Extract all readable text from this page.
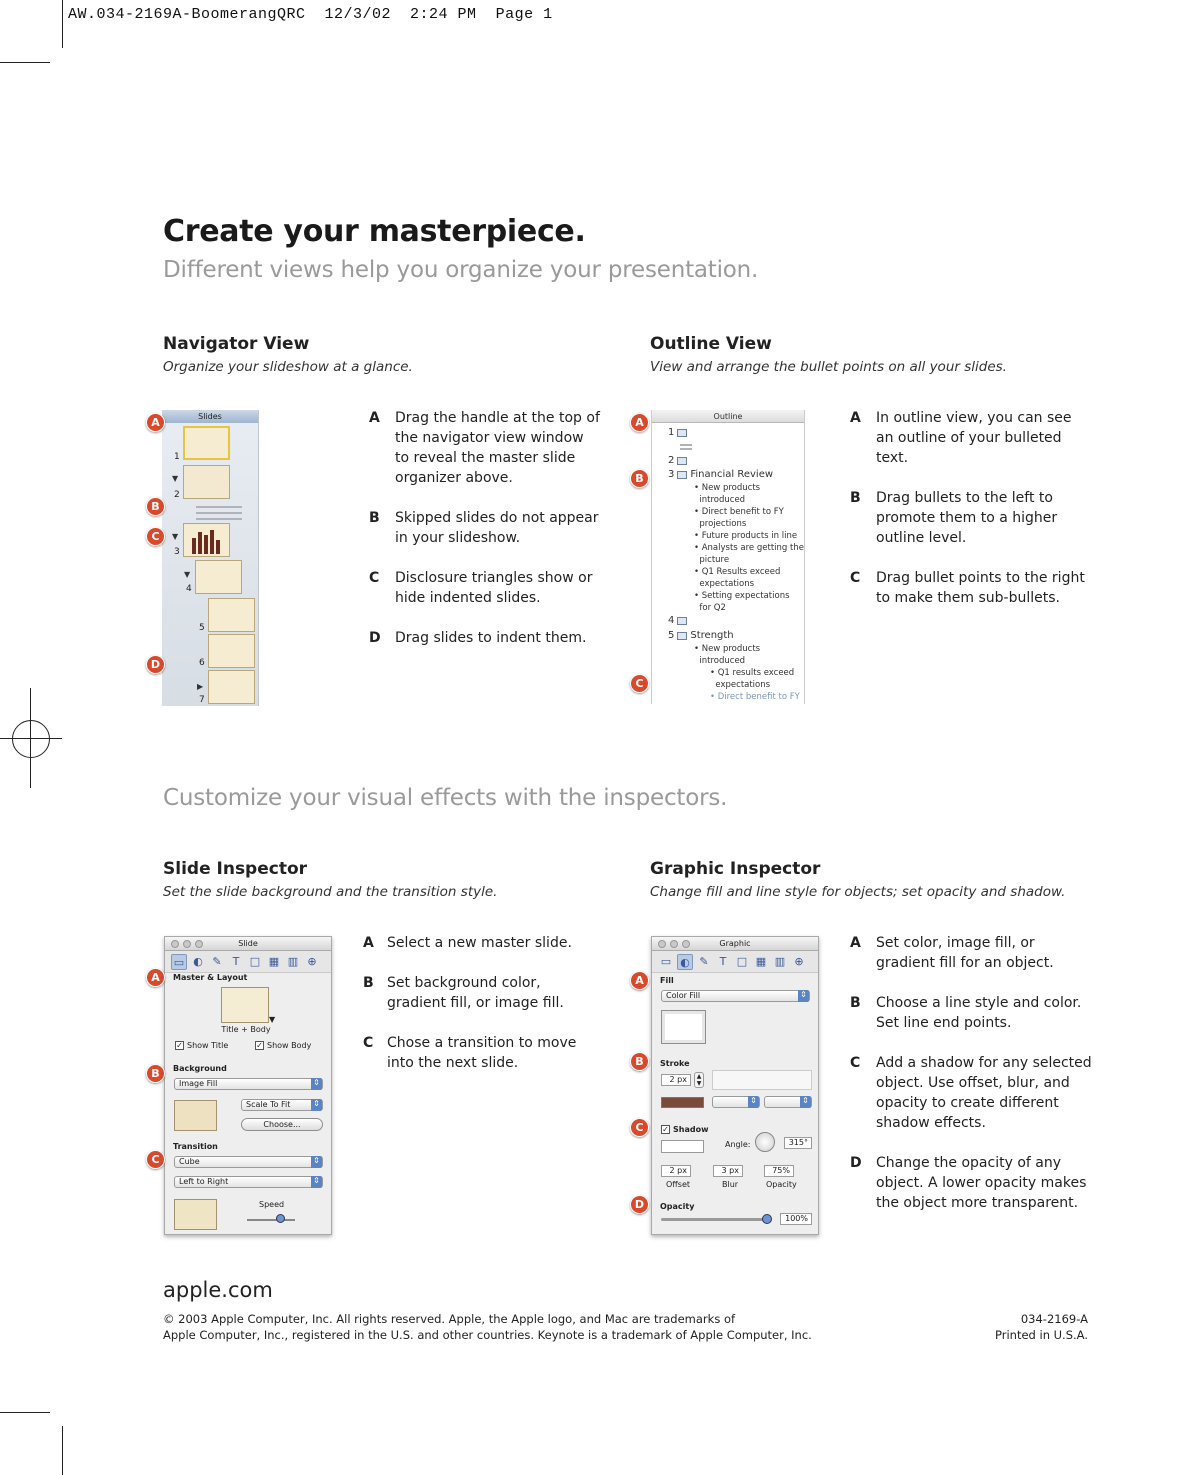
AW.034-2169A-BoomerangQRC  12/3/02  2:24 PM  Page 1
Create your masterpiece.
Different views help you organize your presentation.
Navigator View
Organize your slideshow at a glance.
Slides
1
▼
2
▼
3
▼
4
5
6
▶
7
A	Drag the handle at the top of the navigator view window to reveal the master slide organizer above.
B	Skipped slides do not appear in your slideshow.
C	Disclosure triangles show or hide indented slides.
D	Drag slides to indent them.
Outline View
View and arrange the bullet points on all your slides.
Outline
1
2
3 Financial Review
• New products
introduced
• Direct benefit to FY
projections
• Future products in line
• Analysts are getting the
picture
• Q1 Results exceed
expectations
• Setting expectations
for Q2
4
5 Strength
• New products
introduced
• Q1 results exceed
expectations
• Direct benefit to FY
A	In outline view, you can see an outline of your bulleted text.
B	Drag bullets to the left to promote them to a higher outline level.
C	Drag bullet points to the right to make them sub-bullets.
Customize your visual effects with the inspectors.
Slide Inspector
Set the slide background and the transition style.
Slide
▭ ◐ ✎	T □ ▦ ▥ ⊕
Master & Layout
▼
Title + Body
✓ Show Title	✓ Show Body
Background
Image Fill ⇕
Scale To Fit ⇕
Choose...
Transition
Cube ⇕
Left to Right ⇕
Speed
A Select a new master slide.
B Set background color, gradient fill, or image fill.
C Chose a transition to move into the next slide.
Graphic Inspector
Change fill and line style for objects; set opacity and shadow.
Graphic
▭ ◐ ✎	T □ ▦ ▥ ⊕
Fill
Color Fill ⇕
Stroke
2 px	▲
▼
⇕
⇕
✓ Shadow
Angle:	315°
2 px	3 px	75%
Offset	Blur	Opacity
Opacity
100%
A	Set color, image fill, or gradient fill for an object.
B	Choose a line style and color. Set line end points.
C	Add a shadow for any selected object. Use offset, blur, and opacity to create different shadow effects.
D	Change the opacity of any object. A lower opacity makes the object more transparent.
A
B
C
D
A
B
C
A
B
C
A
B
C
D
apple.com
© 2003 Apple Computer, Inc. All rights reserved. Apple, the Apple logo, and Mac are trademarks of
Apple Computer, Inc., registered in the U.S. and other countries. Keynote is a trademark of Apple Computer, Inc.
034-2169-A
Printed in U.S.A.
